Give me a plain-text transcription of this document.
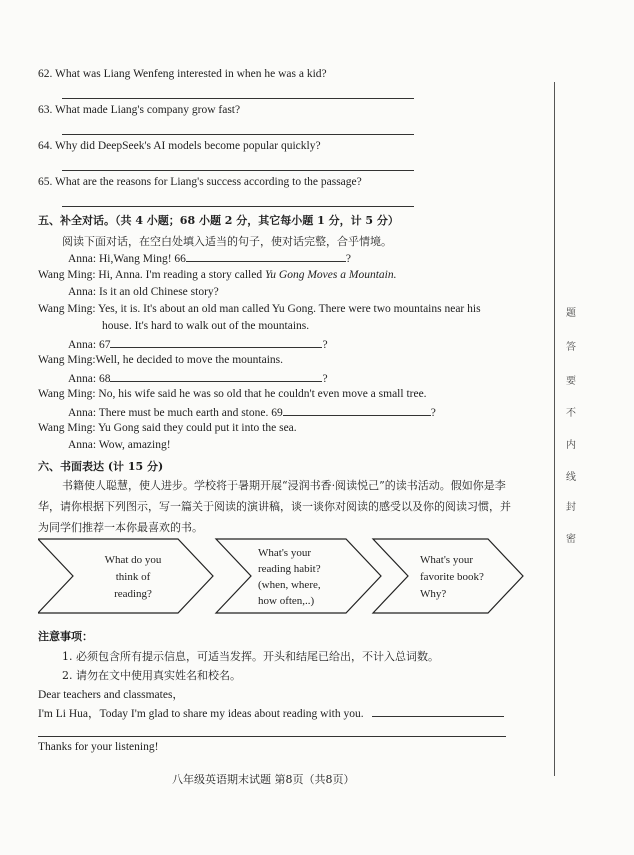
62. What was Liang Wenfeng interested in when he was a kid?
63. What made Liang's company grow fast?
64. Why did DeepSeek's AI models become popular quickly?
65. What are the reasons for Liang's success according to the passage?
五、补全对话。（共 4 小题；68 小题 2 分，其它每小题 1 分，计 5 分）
阅读下面对话，在空白处填入适当的句子，使对话完整，合乎情境。
Anna: Hi,Wang Ming! 66	?
Wang Ming: Hi, Anna. I'm reading a story called Yu Gong Moves a Mountain.
Anna: Is it an old Chinese story?
Wang Ming: Yes, it is. It's about an old man called Yu Gong. There were two mountains near his
house. It's hard to walk out of the mountains.
Anna: 67	?
Wang Ming:Well, he decided to move the mountains.
Anna: 68	?
Wang Ming: No, his wife said he was so old that he couldn't even move a small tree.
Anna: There must be much earth and stone. 69	?
Wang Ming: Yu Gong said they could put it into the sea.
Anna: Wow, amazing!
六、书面表达 (计 15 分)
书籍使人聪慧，使人进步。学校将于暑期开展“浸润书香·阅读悦己”的读书活动。假如你是李华，请你根据下列图示，写一篇关于阅读的演讲稿，谈一谈你对阅读的感受以及你的阅读习惯，并为同学们推荐一本你最喜欢的书。
What do you
think of
reading?
What's your
reading habit?
(when, where,
how often,..)
What's your
favorite book?
Why?
注意事项：
1. 必须包含所有提示信息，可适当发挥。开头和结尾已给出，不计入总词数。
2. 请勿在文中使用真实姓名和校名。
Dear teachers and classmates，
I'm Li Hua，Today I'm glad to share my ideas about reading with you.
Thanks for your listening!
八年级英语期末试题 第8页（共8页）
题
答
要
不
内
线
封
密
